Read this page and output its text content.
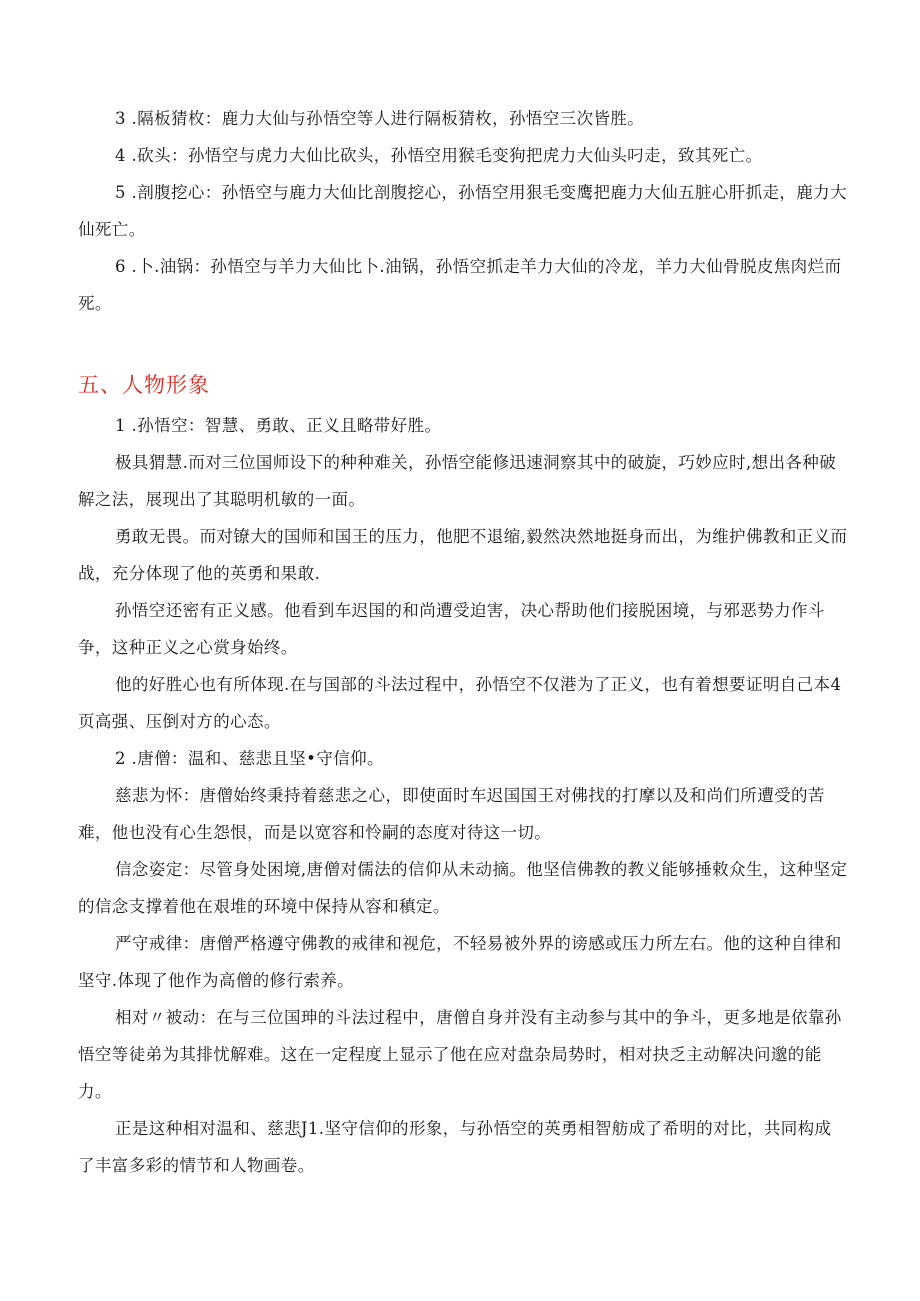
3 .隔板猜枚：鹿力大仙与孙悟空等人进行隔板猜枚，孙悟空三次皆胜。

4 .砍头：孙悟空与虎力大仙比砍头，孙悟空用猴毛变狗把虎力大仙头叼走，致其死亡。

5 .剖腹挖心：孙悟空与鹿力大仙比剖腹挖心，孙悟空用狠毛变鹰把鹿力大仙五脏心肝抓走，鹿力大仙死亡。

6 .卜.油锅：孙悟空与羊力大仙比卜.油锅，孙悟空抓走羊力大仙的冷龙，羊力大仙骨脱皮焦肉烂而死。

五、人物形象

1 .孙悟空：智慧、勇敢、正义且略带好胜。

极具猬慧.而对三位国师设下的种种难关，孙悟空能修迅速洞察其中的破旋，巧妙应时,想出各种破解之法，展现出了其聪明机敏的一面。

勇敢无畏。而对镣大的国师和国王的压力，他肥不退缩,毅然决然地挺身而出，为维护佛教和正义而战，充分体现了他的英勇和果敢.

孙悟空还密有正义感。他看到车迟国的和尚遭受迫害，决心帮助他们接脱困境，与邪恶势力作斗争，这种正义之心赏身始终。

他的好胜心也有所体现.在与国部的斗法过程中，孙悟空不仅港为了正义，也有着想要证明自己本4页高强、压倒对方的心态。

2 .唐僧：温和、慈悲且坚•守信仰。

慈悲为怀：唐僧始终秉持着慈悲之心，即使面时车迟国国王对佛找的打摩以及和尚们所遭受的苦难，他也没有心生怨恨，而是以宽容和怜嗣的态度对待这一切。

信念姿定：尽管身处困境,唐僧对儒法的信仰从未动摘。他坚信佛教的教义能够捶敕众生，这种坚定的信念支撑着他在艰堆的环境中保持从容和稹定。

严守戒律：唐僧严格遵守佛教的戒律和视危，不轻易被外界的谤感或压力所左右。他的这种自律和坚守.体现了他作为高僧的修行索养。

相对〃被动：在与三位国珅的斗法过程中，唐僧自身并没有主动参与其中的争斗，更多地是依靠孙悟空等徒弟为其排忧解难。这在一定程度上显示了他在应对盘杂局势时，相对抉乏主动解决问邈的能力。

正是这种相对温和、慈悲J1.坚守信仰的形象，与孙悟空的英勇相智舫成了希明的对比，共同构成了丰富多彩的情节和人物画卷。
